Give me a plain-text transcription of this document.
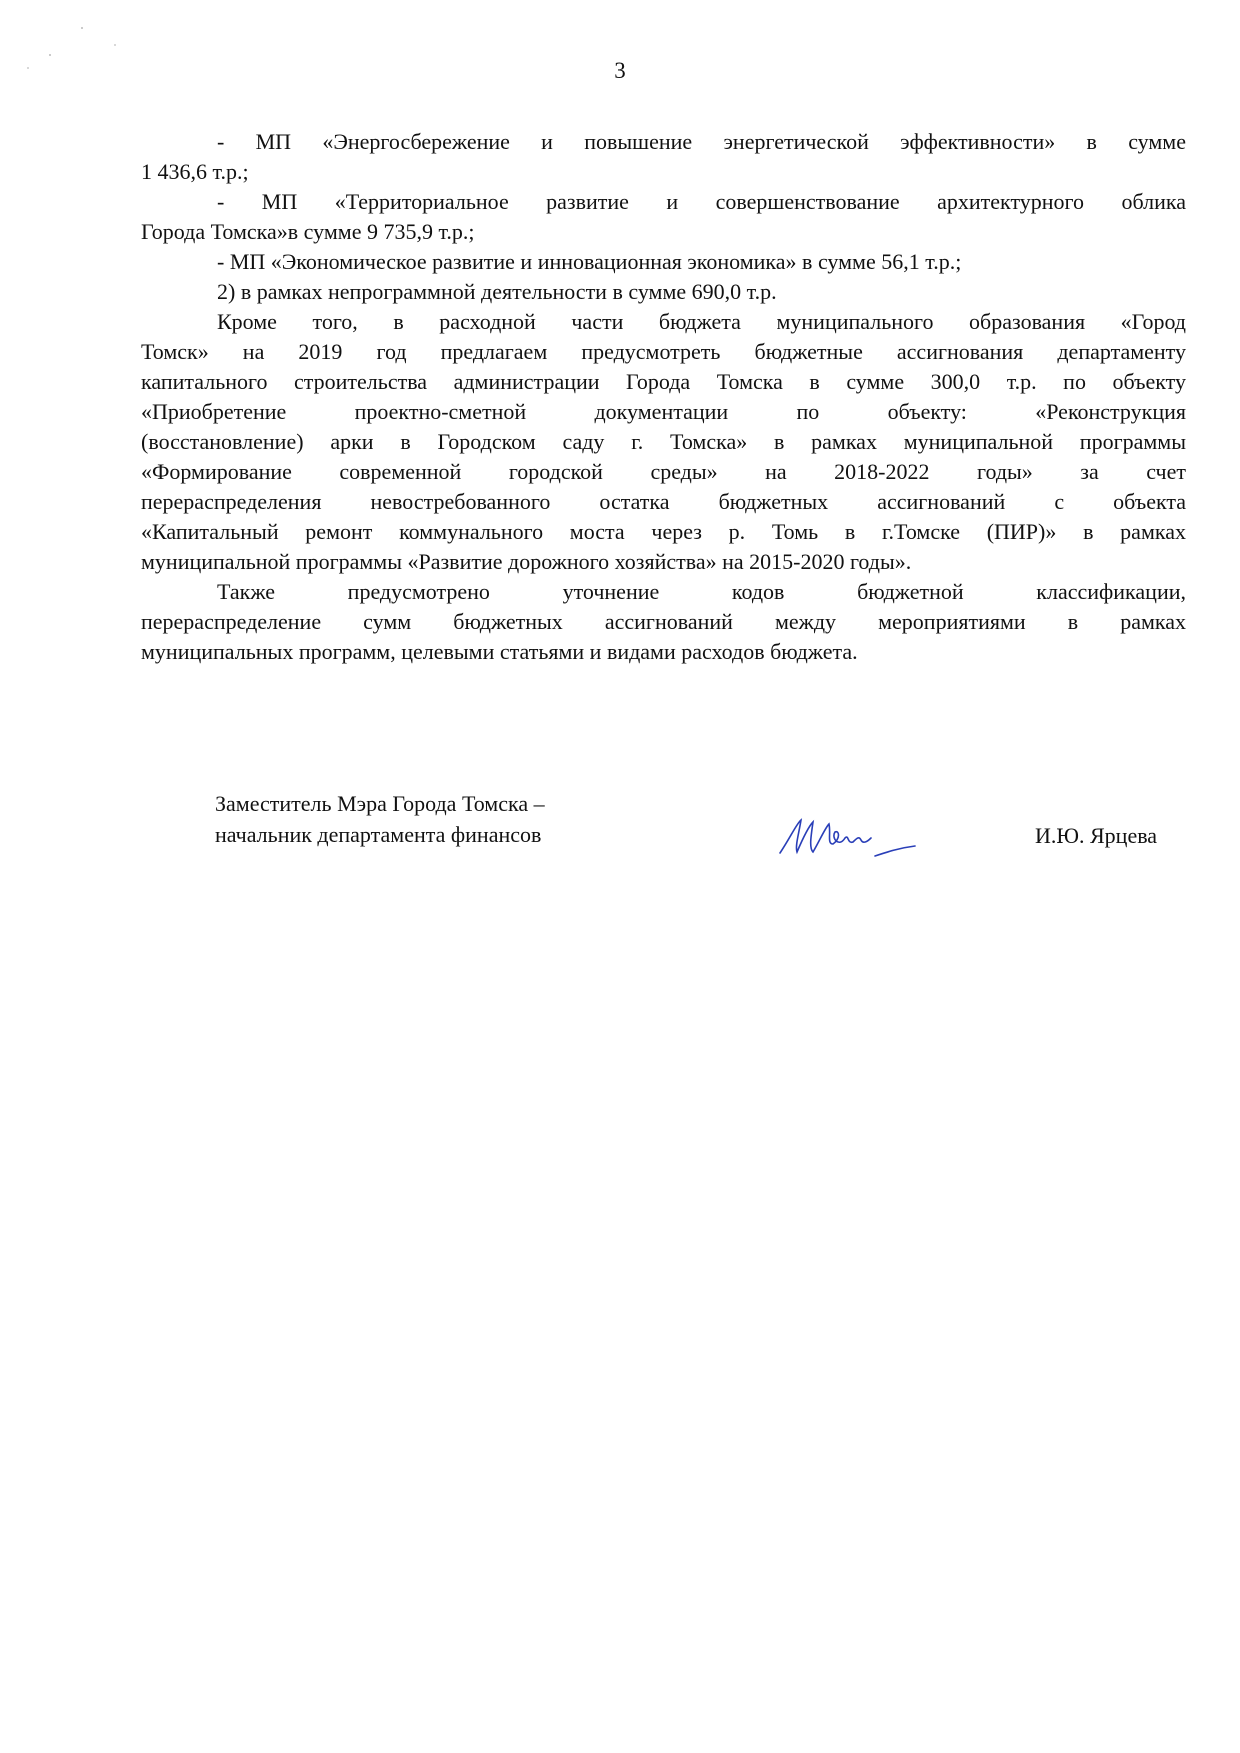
3
- МП «Энергосбережение и повышение энергетической эффективности» в сумме
1 436,6 т.р.;
- МП «Территориальное развитие и совершенствование архитектурного облика
Города Томска»в сумме 9 735,9 т.р.;
- МП «Экономическое развитие и инновационная экономика» в сумме 56,1 т.р.;
2) в рамках непрограммной деятельности в сумме 690,0 т.р.
Кроме того, в расходной части бюджета муниципального образования «Город
Томск» на 2019 год предлагаем предусмотреть бюджетные ассигнования департаменту
капитального строительства администрации Города Томска в сумме 300,0 т.р. по объекту
«Приобретение проектно-сметной документации по объекту: «Реконструкция
(восстановление) арки в Городском саду г. Томска» в рамках муниципальной программы
«Формирование современной городской среды» на 2018-2022 годы» за счет
перераспределения невостребованного остатка бюджетных ассигнований с объекта
«Капитальный ремонт коммунального моста через р. Томь в г.Томске (ПИР)» в рамках
муниципальной программы «Развитие дорожного хозяйства» на 2015-2020 годы».
Также предусмотрено уточнение кодов бюджетной классификации,
перераспределение сумм бюджетных ассигнований между мероприятиями в рамках
муниципальных программ, целевыми статьями и видами расходов бюджета.
Заместитель Мэра Города Томска –
начальник департамента финансов	И.Ю. Ярцева
